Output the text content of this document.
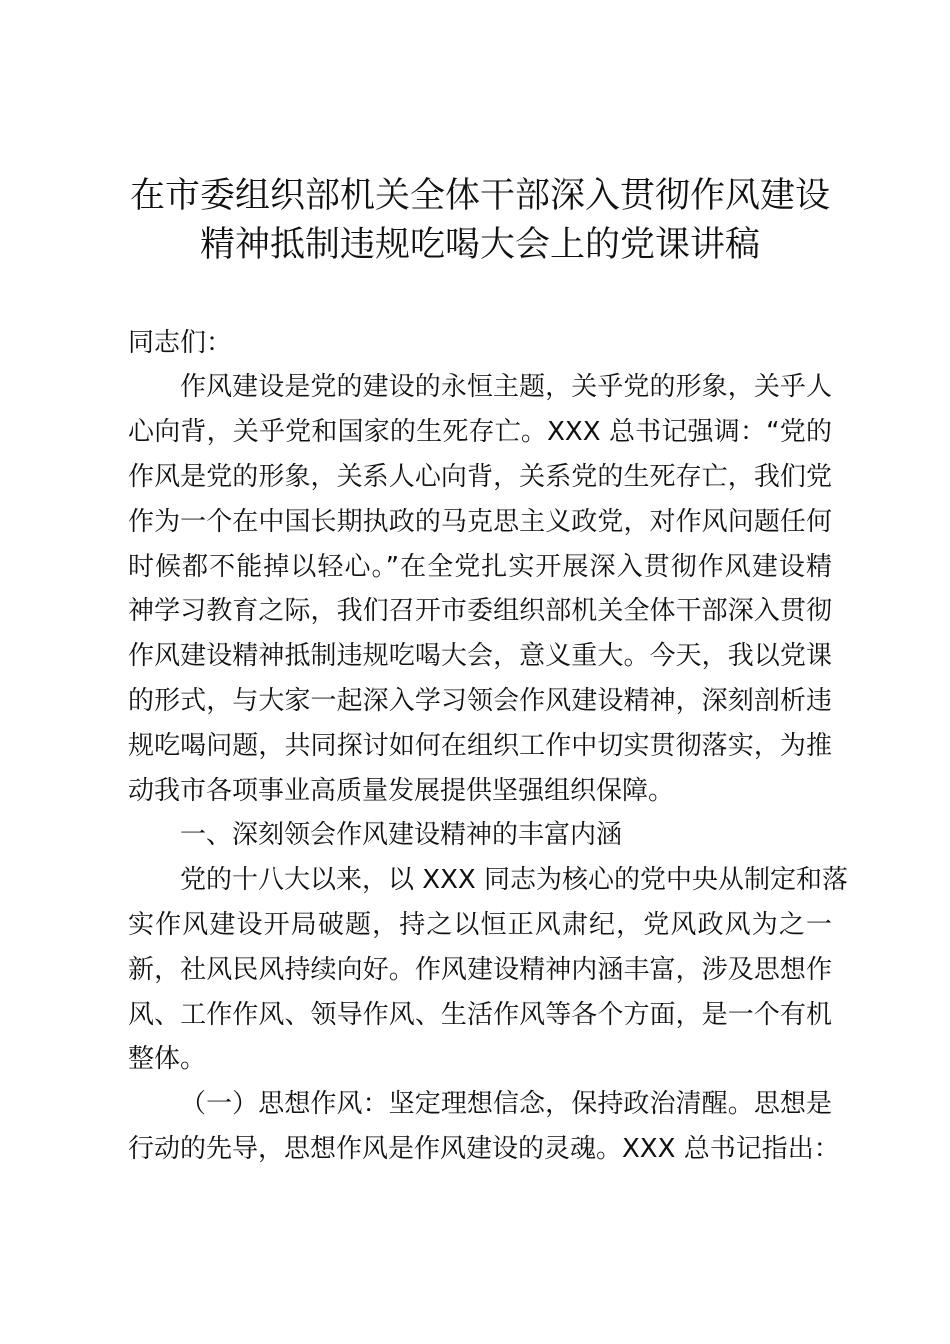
在市委组织部机关全体干部深入贯彻作风建设
精神抵制违规吃喝大会上的党课讲稿
同志们：
作风建设是党的建设的永恒主题，关乎党的形象，关乎人
心向背，关乎党和国家的生死存亡。XXX 总书记强调：“党的
作风是党的形象，关系人心向背，关系党的生死存亡，我们党
作为一个在中国长期执政的马克思主义政党，对作风问题任何
时候都不能掉以轻心。”在全党扎实开展深入贯彻作风建设精
神学习教育之际，我们召开市委组织部机关全体干部深入贯彻
作风建设精神抵制违规吃喝大会，意义重大。今天，我以党课
的形式，与大家一起深入学习领会作风建设精神，深刻剖析违
规吃喝问题，共同探讨如何在组织工作中切实贯彻落实，为推
动我市各项事业高质量发展提供坚强组织保障。
一、深刻领会作风建设精神的丰富内涵
党的十八大以来，以 XXX 同志为核心的党中央从制定和落
实作风建设开局破题，持之以恒正风肃纪，党风政风为之一
新，社风民风持续向好。作风建设精神内涵丰富，涉及思想作
风、工作作风、领导作风、生活作风等各个方面，是一个有机
整体。
（一）思想作风：坚定理想信念，保持政治清醒。思想是
行动的先导，思想作风是作风建设的灵魂。XXX 总书记指出：
